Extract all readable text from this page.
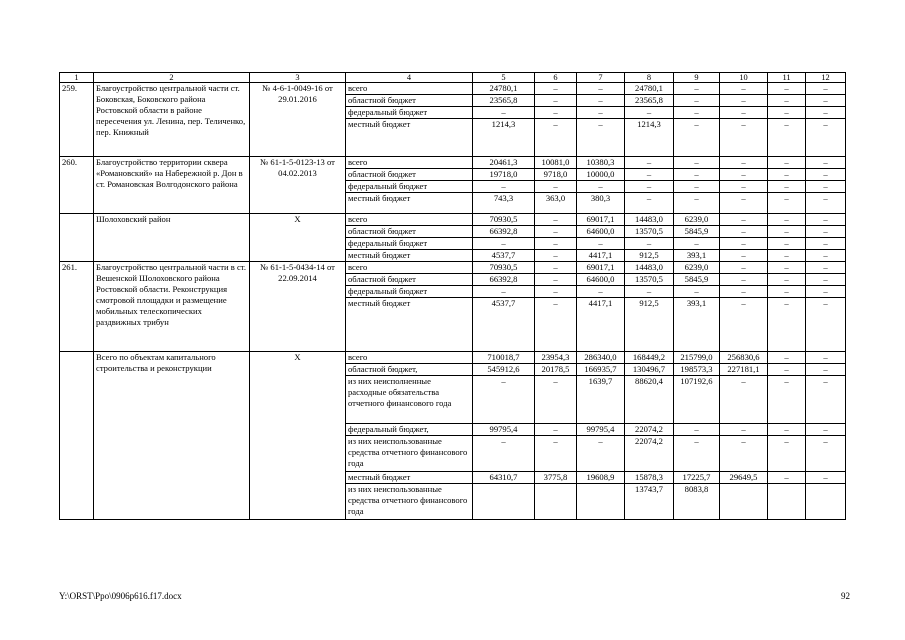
1	2	3	4	5	6	7	8	9	10	11	12
259.	Благоустройство центральной части ст. Боковская, Боковского района Ростовской области в районе пересечения ул. Ленина, пер. Теличенко, пер. Книжный	№ 4-6-1-0049-16 от 29.01.2016	всего	24780,1	–	–	24780,1	–	–	–	–
			областной бюджет	23565,8	–	–	23565,8	–	–	–	–
			федеральный бюджет	–	–	–	–	–	–	–	–
			местный бюджет	1214,3	–	–	1214,3	–	–	–	–
260.	Благоустройство территории сквера «Романовский» на Набережной р. Дон в ст. Романовская Волгодонского района	№ 61-1-5-0123-13 от 04.02.2013	всего	20461,3	10081,0	10380,3	–	–	–	–	–
			областной бюджет	19718,0	9718,0	10000,0	–	–	–	–	–
			федеральный бюджет	–	–	–	–	–	–	–	–
			местный бюджет	743,3	363,0	380,3	–	–	–	–	–
	Шолоховский район	X	всего	70930,5	–	69017,1	14483,0	6239,0	–	–	–
			областной бюджет	66392,8	–	64600,0	13570,5	5845,9	–	–	–
			федеральный бюджет	–	–	–	–	–	–	–	–
			местный бюджет	4537,7	–	4417,1	912,5	393,1	–	–	–
261.	Благоустройство центральной части в ст. Вешенской Шолоховского района Ростовской области. Реконструкция смотровой площадки и размещение мобильных телескопических раздвижных трибун	№ 61-1-5-0434-14 от 22.09.2014	всего	70930,5	–	69017,1	14483,0	6239,0	–	–	–
			областной бюджет	66392,8	–	64600,0	13570,5	5845,9	–	–	–
			федеральный бюджет	–	–	–	–	–	–	–	–
			местный бюджет	4537,7	–	4417,1	912,5	393,1	–	–	–
	Всего по объектам капитального строительства и реконструкции	X	всего	710018,7	23954,3	286340,0	168449,2	215799,0	256830,6	–	–
			областной бюджет,	545912,6	20178,5	166935,7	130496,7	198573,3	227181,1	–	–
			из них неисполненные расходные обязательства отчетного финансового года	–	–	1639,7	88620,4	107192,6	–	–	–
			федеральный бюджет,	99795,4	–	99795,4	22074,2	–	–	–	–
			из них неиспользованные средства отчетного финансового года	–	–	–	22074,2	–	–	–	–
			местный бюджет	64310,7	3775,8	19608,9	15878,3	17225,7	29649,5	–	–
			из них неиспользованные средства отчетного финансового года				13743,7	8083,8			
Y:\ORST\Ppo\0906p616.f17.docx	92
